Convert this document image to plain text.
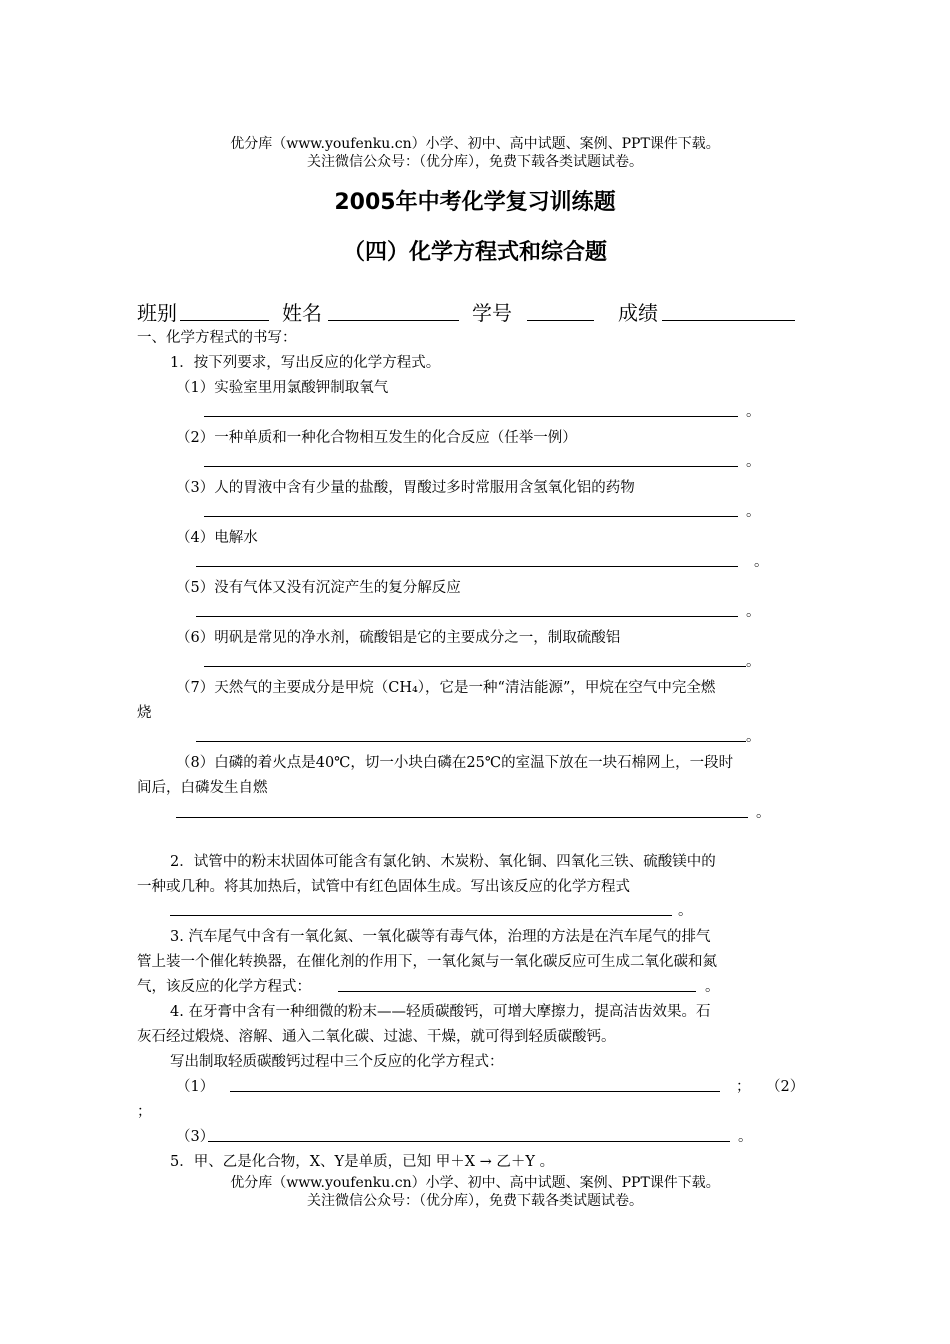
优分库（www.youfenku.cn）小学、初中、高中试题、案例、PPT课件下载。
关注微信公众号：（优分库），免费下载各类试题试卷。
2005年中考化学复习训练题
（四）化学方程式和综合题
班别	姓名	学号	成绩
一、化学方程式的书写：
1．按下列要求，写出反应的化学方程式。
（1）实验室里用氯酸钾制取氧气
。
（2）一种单质和一种化合物相互发生的化合反应（任举一例）
。
（3）人的胃液中含有少量的盐酸，胃酸过多时常服用含氢氧化铝的药物
。
（4）电解水
。
（5）没有气体又没有沉淀产生的复分解反应
。
（6）明矾是常见的净水剂，硫酸铝是它的主要成分之一，制取硫酸铝
。
（7）天然气的主要成分是甲烷（CH₄），它是一种“清洁能源”，甲烷在空气中完全燃
烧
。
（8）白磷的着火点是40℃，切一小块白磷在25℃的室温下放在一块石棉网上，一段时
间后，白磷发生自燃
。
2．试管中的粉末状固体可能含有氯化钠、木炭粉、氧化铜、四氧化三铁、硫酸镁中的
一种或几种。将其加热后，试管中有红色固体生成。写出该反应的化学方程式
。
3. 汽车尾气中含有一氧化氮、一氧化碳等有毒气体，治理的方法是在汽车尾气的排气
管上装一个催化转换器，在催化剂的作用下，一氧化氮与一氧化碳反应可生成二氧化碳和氮
气，该反应的化学方程式：	。
4. 在牙膏中含有一种细微的粉末——轻质碳酸钙，可增大摩擦力，提高洁齿效果。石
灰石经过煅烧、溶解、通入二氧化碳、过滤、干燥，就可得到轻质碳酸钙。
写出制取轻质碳酸钙过程中三个反应的化学方程式：
（1）	； （2）
；
（3）	。
5．甲、乙是化合物，X、Y是单质，已知 甲＋X → 乙＋Y 。
优分库（www.youfenku.cn）小学、初中、高中试题、案例、PPT课件下载。
关注微信公众号：（优分库），免费下载各类试题试卷。
